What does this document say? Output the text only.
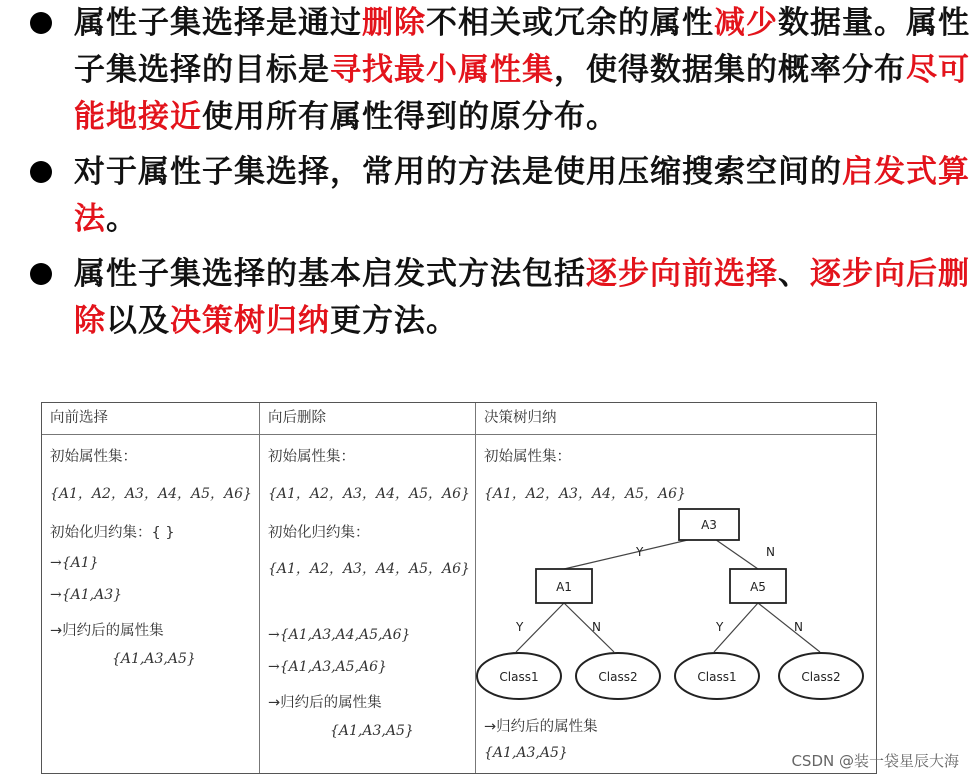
属性子集选择是通过删除不相关或冗余的属性减少数据量。属性子集选择的目标是寻找最小属性集，使得数据集的概率分布尽可能地接近使用所有属性得到的原分布。
对于属性子集选择，常用的方法是使用压缩搜索空间的启发式算法。
属性子集选择的基本启发式方法包括逐步向前选择、逐步向后删除以及决策树归纳更方法。
向前选择
初始属性集：
{A1，A2，A3，A4，A5，A6}
初始化归约集：{ }
→{A1}
→{A1,A3}
→归约后的属性集
{A1,A3,A5}
向后删除
初始属性集：
{A1，A2，A3，A4，A5，A6}
初始化归约集：
{A1，A2，A3，A4，A5，A6}
→{A1,A3,A4,A5,A6}
→{A1,A3,A5,A6}
→归约后的属性集
{A1,A3,A5}
决策树归纳
初始属性集：
{A1，A2，A3，A4，A5，A6}
Y	N
Y	N	Y	N
A3
A1	A5
Class1	Class2	Class1	Class2
→归约后的属性集
{A1,A3,A5}	CSDN @装一袋星辰大海
